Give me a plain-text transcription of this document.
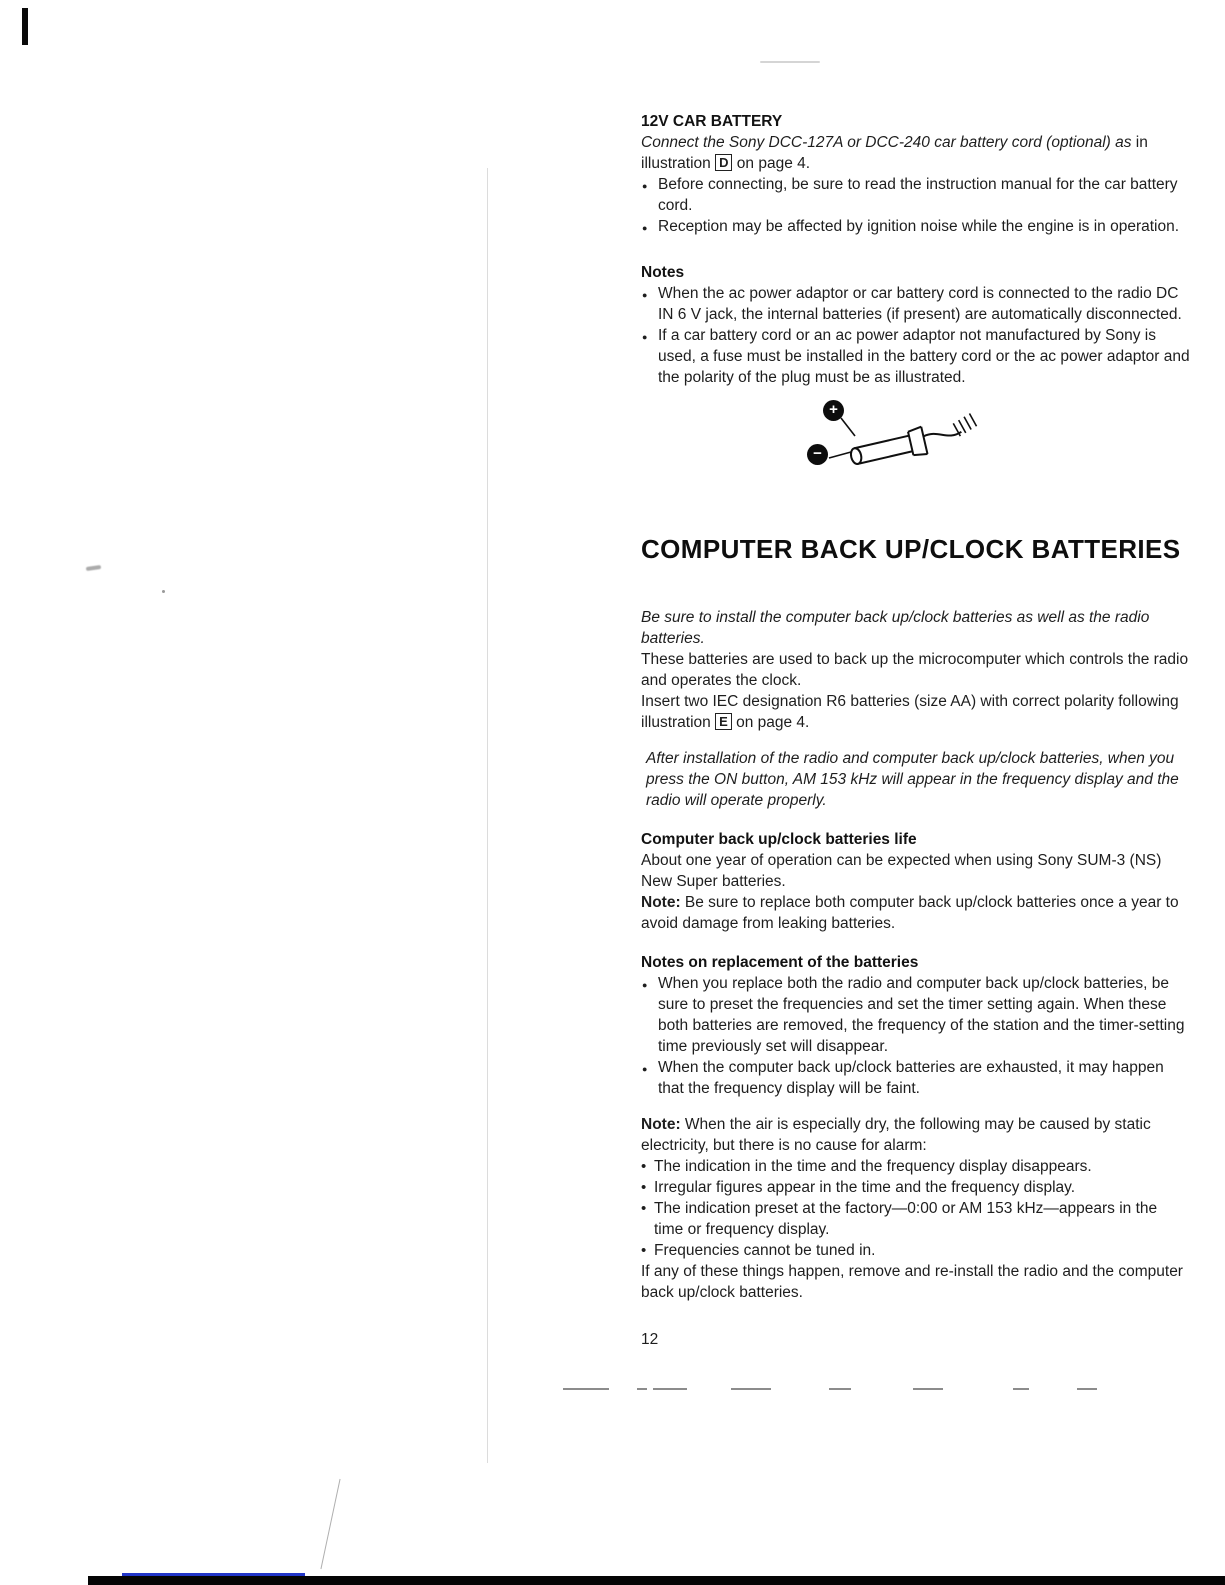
12V CAR BATTERY

Connect the Sony DCC-127A or DCC-240 car battery cord (optional) as in illustration D on page 4.

●
Before connecting, be sure to read the instruction manual for the car battery cord.

●
Reception may be affected by ignition noise while the engine is in operation.

Notes

●
When the ac power adaptor or car battery cord is connected to the radio DC IN 6 V jack, the internal batteries (if present) are automatically disconnected.

●
If a car battery cord or an ac power adaptor not manufactured by Sony is used, a fuse must be installed in the battery cord or the ac power adaptor and the polarity of the plug must be as illustrated.

+
−
COMPUTER BACK UP/CLOCK BATTERIES

Be sure to install the computer back up/clock batteries as well as the radio batteries.

These batteries are used to back up the microcomputer which controls the radio and operates the clock.

Insert two IEC designation R6 batteries (size AA) with correct polarity following illustration E on page 4.

After installation of the radio and computer back up/clock batteries, when you press the ON button, AM 153 kHz will appear in the frequency display and the radio will operate properly.

Computer back up/clock batteries life

About one year of operation can be expected when using Sony SUM-3 (NS) New Super batteries.

Note: Be sure to replace both computer back up/clock batteries once a year to avoid damage from leaking batteries.

Notes on replacement of the batteries

●
When you replace both the radio and computer back up/clock batteries, be sure to preset the frequencies and set the timer setting again. When these both batteries are removed, the frequency of the station and the timer-setting time previously set will disappear.

●
When the computer back up/clock batteries are exhausted, it may happen that the frequency display will be faint.

Note: When the air is especially dry, the following may be caused by static electricity, but there is no cause for alarm:

•
The indication in the time and the frequency display disappears.

•
Irregular figures appear in the time and the frequency display.

•
The indication preset at the factory—0:00 or AM 153 kHz—appears in the time or frequency display.

•
Frequencies cannot be tuned in.

If any of these things happen, remove and re-install the radio and the computer back up/clock batteries.

12
